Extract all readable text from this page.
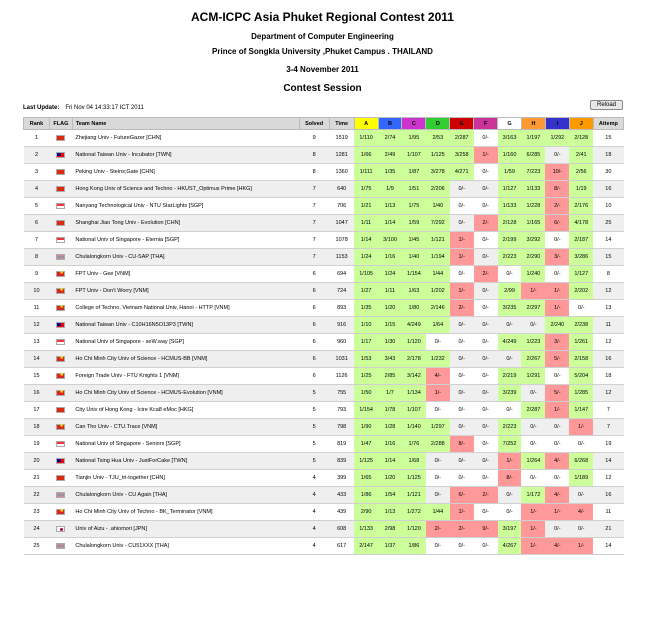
ACM-ICPC Asia Phuket Regional Contest 2011
Department of Computer Engineering
Prince of Songkla University ,Phuket Campus . THAILAND
3-4 November 2011
Contest Session
Last Update: Fri Nov 04 14:33:17 ICT 2011	Reload
Rank	FLAG	Team Name	Solved	Time	A	B	C	D	E	F	G	H	I	J	Attemp
1		Zhejiang Univ - FutureGazer [CHN]	9	1519	1/110	2/74	1/95	2/53	2/287	0/-	3/163	1/197	1/292	2/128	15
2		National Taiwan Univ - Incubator [TWN]	8	1281	1/66	2/49	1/107	1/125	3/258	1/-	1/160	6/285	0/-	2/41	18
3		Peking Univ - Steins;Gate [CHN]	8	1360	1/111	1/35	1/87	3/278	4/271	0/-	1/59	7/223	10/-	2/56	30
4		Hong Kong Univ of Science and Techno - HKUST_Optimus Prime [HKG]	7	640	1/75	1/9	1/51	2/206	0/-	0/-	1/127	1/133	8/-	1/19	16
5		Nanyang Technological Univ - NTU StarLights [SGP]	7	706	1/21	1/13	1/75	1/40	0/-	0/-	1/133	1/228	2/-	2/176	10
6		Shanghai Jiao Tong Univ - Evolution [CHN]	7	1047	1/11	1/14	1/59	7/292	0/-	2/-	2/128	1/165	6/-	4/178	25
7		National Univ of Singapore - Eternia [SGP]	7	1078	1/14	3/100	1/45	1/121	1/-	0/-	2/199	3/292	0/-	2/187	14
8		Chulalongkorn Univ - CU-SAP [THA]	7	1153	1/24	1/16	1/40	1/194	1/-	0/-	2/223	2/290	3/-	3/286	15
9	★	FPT Univ - Gee [VNM]	6	694	1/105	1/24	1/154	1/44	0/-	2/-	0/-	1/240	0/-	1/127	8
10	★	FPT Univ - Don't Worry [VNM]	6	724	1/27	1/11	1/63	1/202	1/-	0/-	2/99	1/-	1/-	2/202	12
11	★	College of Techno, Vietnam National Univ, Hanoi - HTTP [VNM]	6	893	1/35	1/20	1/80	2/146	2/-	0/-	3/235	2/297	1/-	0/-	13
12		National Taiwan Univ - C10H16N5O13P3 [TWN]	6	916	1/10	1/15	4/249	1/64	0/-	0/-	0/-	0/-	2/240	2/238	11
13		National Univ of Singapore - seW.way [SGP]	6	960	1/17	1/30	1/120	0/-	0/-	0/-	4/249	1/223	3/-	1/261	12
14	★	Ho Chi Minh City Univ of Science - HCMUS-BB [VNM]	6	1031	1/53	3/43	2/178	1/232	0/-	0/-	0/-	2/267	5/-	2/158	16
15	★	Foreign Trade Univ - FTU Knights 1 [VNM]	6	1126	1/25	2/85	3/142	4/-	0/-	0/-	2/219	1/291	0/-	5/204	18
16	★	Ho Chi Minh City Univ of Science - HCMUS-Evolution [VNM]	5	755	1/50	1/7	1/134	1/-	0/-	0/-	3/239	0/-	5/-	1/285	12
17		City Univ of Hong Kong - Icire Kca8 eMoc [HKG]	5	793	1/154	1/78	1/107	0/-	0/-	0/-	0/-	2/287	1/-	1/147	7
18	★	Can Tho Univ - CTU.Trace [VNM]	5	798	1/90	1/28	1/140	1/297	0/-	0/-	2/223	0/-	0/-	1/-	7
19		National Univ of Singapore - Seniors [SGP]	5	819	1/47	1/16	1/76	2/288	8/-	0/-	7/252	0/-	0/-	0/-	19
20		National Tsing Hua Univ - JustForCake [TWN]	5	839	1/125	1/14	1/68	0/-	0/-	0/-	1/-	1/264	4/-	6/268	14
21		Tianjin Univ - TJU_tri-together [CHN]	4	399	1/65	1/20	1/125	0/-	0/-	0/-	8/-	0/-	0/-	1/189	12
22		Chulalongkorn Univ - CU Again [THA]	4	433	1/86	1/54	1/121	0/-	6/-	2/-	0/-	1/172	4/-	0/-	16
23	★	Ho Chi Minh City Univ of Techno - BK_Terminator [VNM]	4	439	2/90	1/13	1/272	1/44	1/-	0/-	0/-	1/-	1/-	4/-	11
24		Univ of Aizu - .ahiomori [JPN]	4	608	1/133	2/98	1/120	2/-	2/-	9/-	3/197	1/-	0/-	0/-	21
25		Chulalongkorn Univ - CU51XXX [THA]	4	617	2/147	1/37	1/86	0/-	0/-	0/-	4/267	1/-	4/-	1/-	14
